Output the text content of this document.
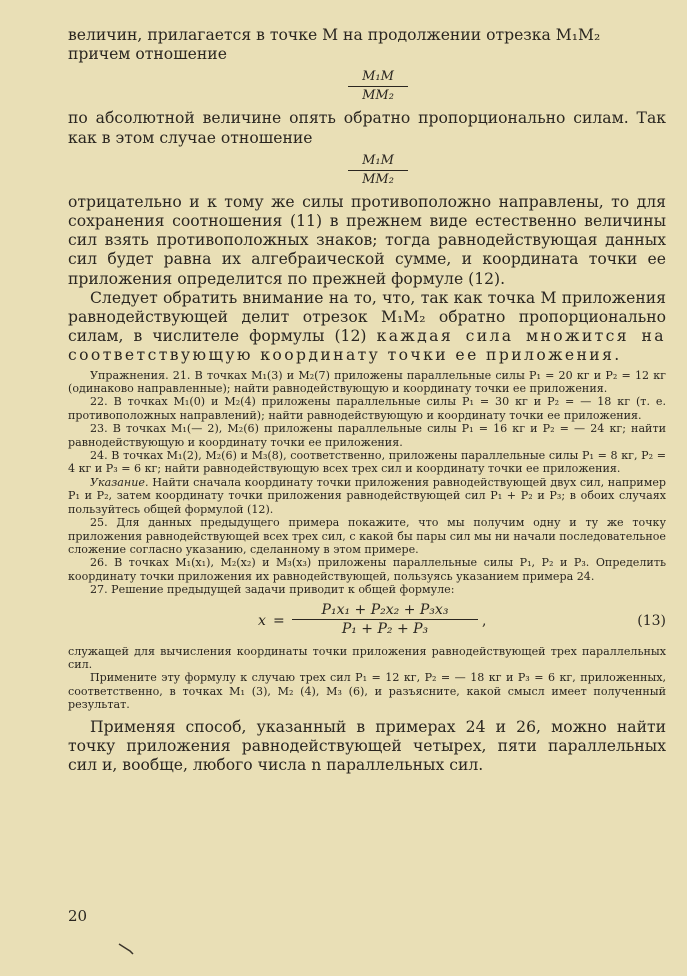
величин, прилагается в точке M на продолжении отрезка M₁M₂

причем отношение

M₁M
MM₂

по абсолютной величине опять обратно пропорционально силам. Так как в этом случае отношение

M₁M
MM₂

отрицательно и к тому же силы противоположно направлены, то для сохранения соотношения (11) в прежнем виде естественно величины сил взять противоположных знаков; тогда равнодействующая данных сил будет равна их алгебраической сумме, и координата точки ее приложения определится по прежней формуле (12).

Следует обратить внимание на то, что, так как точка M приложения равнодействующей делит отрезок M₁M₂ обратно пропорционально силам, в числителе формулы (12) каждая сила множится на соответствующую координату точки ее приложения.

Упражнения. 21. В точках M₁(3) и M₂(7) приложены параллельные силы P₁ = 20 кг и P₂ = 12 кг (одинаково направленные); найти равнодействующую и координату точки ее приложения.

22. В точках M₁(0) и M₂(4) приложены параллельные силы P₁ = 30 кг и P₂ = — 18 кг (т. е. противоположных направлений); найти равнодействующую и координату точки ее приложения.

23. В точках M₁(— 2), M₂(6) приложены параллельные силы P₁ = 16 кг и P₂ = — 24 кг; найти равнодействующую и координату точки ее приложения.

24. В точках M₁(2), M₂(6) и M₃(8), соответственно, приложены параллельные силы P₁ = 8 кг, P₂ = 4 кг и P₃ = 6 кг; найти равнодействующую всех трех сил и координату точки ее приложения.

Указание. Найти сначала координату точки приложения равнодействующей двух сил, например P₁ и P₂, затем координату точки приложения равнодействующей сил P₁ + P₂ и P₃; в обоих случаях пользуйтесь общей формулой (12).

25. Для данных предыдущего примера покажите, что мы получим одну и ту же точку приложения равнодействующей всех трех сил, с какой бы пары сил мы ни начали последовательное сложение согласно указанию, сделанному в этом примере.

26. В точках M₁(x₁), M₂(x₂) и M₃(x₃) приложены параллельные силы P₁, P₂ и P₃. Определить координату точки приложения их равнодействующей, пользуясь указанием примера 24.

27. Решение предыдущей задачи приводит к общей формуле:

$x = \frac{\text{P₁x₁ + P₂x₂ + P₃x₃}}{\text{P₁ + P₂ + P₃}}$ ,	(13)

служащей для вычисления координаты точки приложения равнодействующей трех параллельных сил.

Примените эту формулу к случаю трех сил P₁ = 12 кг, P₂ = — 18 кг и P₃ = 6 кг, приложенных, соответственно, в точках M₁ (3), M₂ (4), M₃ (6), и разъясните, какой смысл имеет полученный результат.

Применяя способ, указанный в примерах 24 и 26, можно найти точку приложения равнодействующей четырех, пяти параллельных сил и, вообще, любого числа n параллельных сил.

20
